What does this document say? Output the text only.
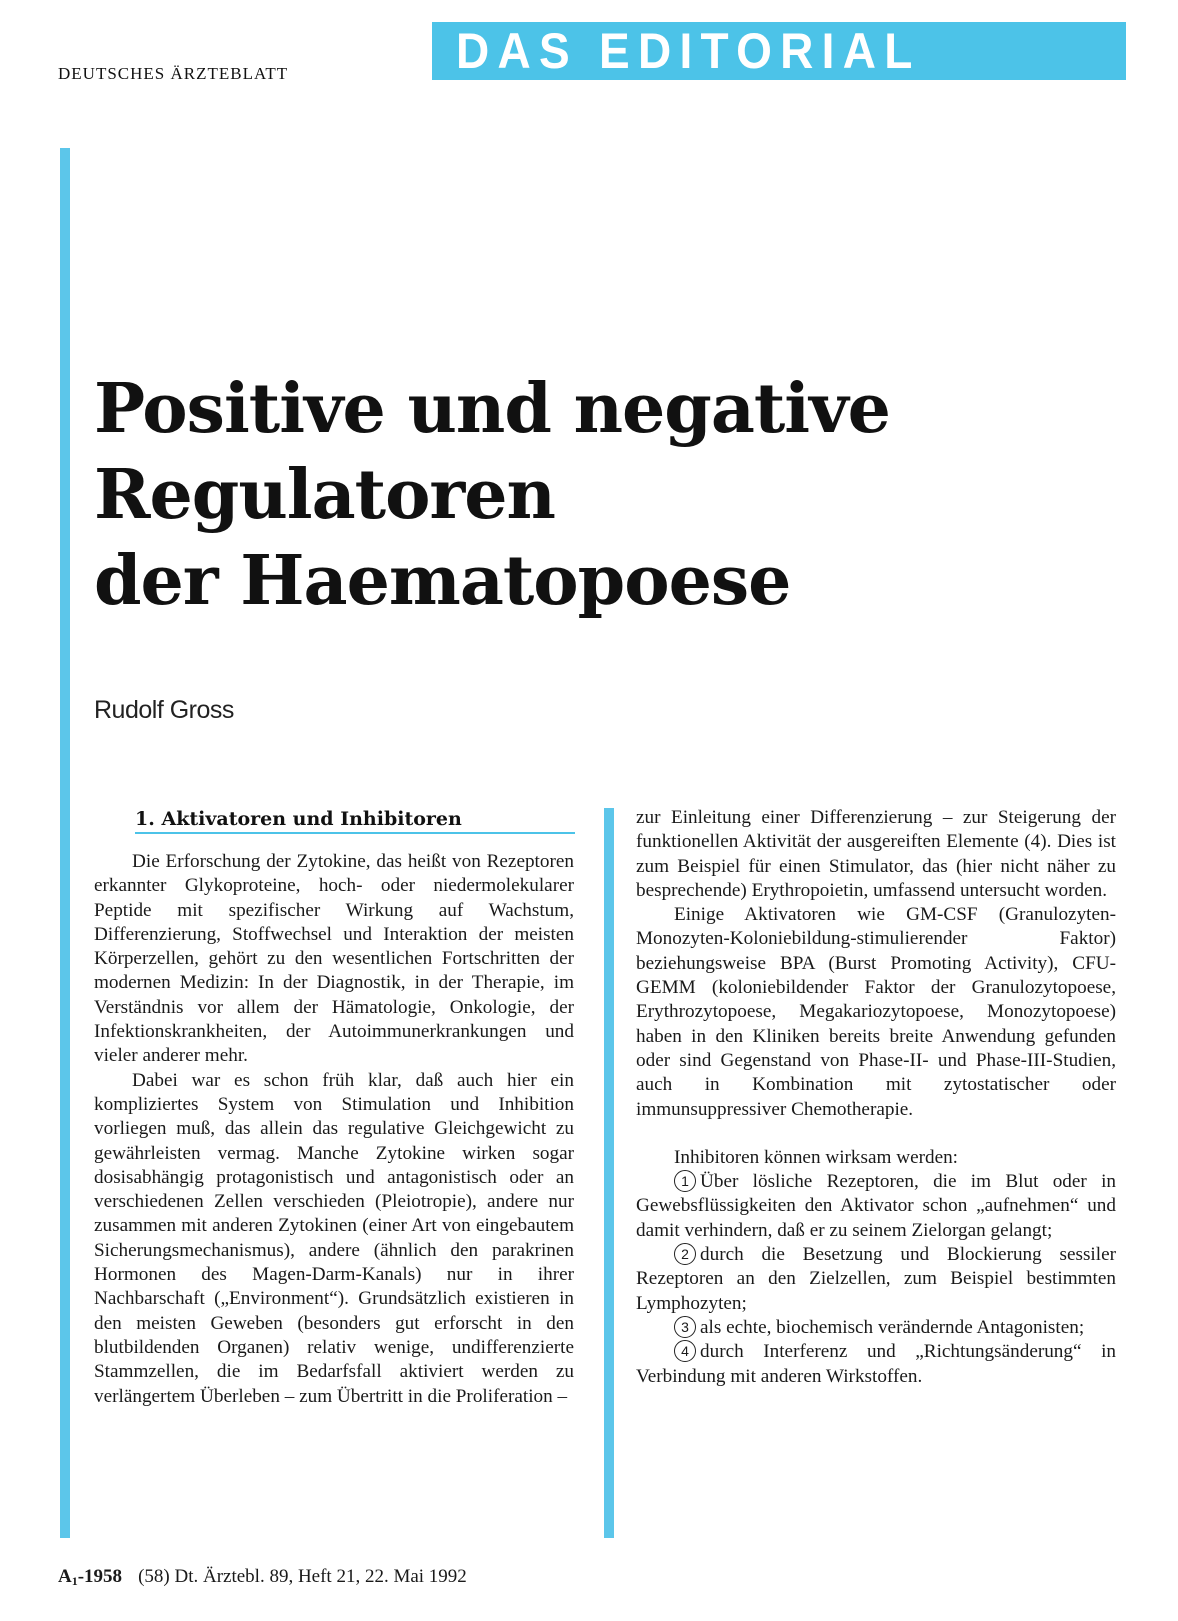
DEUTSCHES ÄRZTEBLATT	DAS EDITORIAL
Positive und negative
Regulatoren
der Haematopoese
Rudolf Gross
1. Aktivatoren und Inhibitoren

Die Erforschung der Zytokine, das heißt von Rezeptoren erkannter Glykoproteine, hoch- oder niedermolekularer Peptide mit spezifischer Wirkung auf Wachstum, Differenzierung, Stoffwechsel und Interaktion der meisten Körperzellen, gehört zu den wesentlichen Fortschritten der modernen Medizin: In der Diagnostik, in der Therapie, im Verständnis vor allem der Hämatologie, Onkologie, der Infektionskrankheiten, der Autoimmunerkrankungen und vieler anderer mehr.

Dabei war es schon früh klar, daß auch hier ein kompliziertes System von Stimulation und Inhibition vorliegen muß, das allein das regulative Gleichgewicht zu gewährleisten vermag. Manche Zytokine wirken sogar dosisabhängig protagonistisch und antagonistisch oder an verschiedenen Zellen verschieden (Pleiotropie), andere nur zusammen mit anderen Zytokinen (einer Art von eingebautem Sicherungsmechanismus), andere (ähnlich den parakrinen Hormonen des Magen-Darm-Kanals) nur in ihrer Nachbarschaft („Environment“). Grundsätzlich existieren in den meisten Geweben (besonders gut erforscht in den blutbildenden Organen) relativ wenige, undifferenzierte Stammzellen, die im Bedarfsfall aktiviert werden zu verlängertem Überleben – zum Übertritt in die Proliferation –

zur Einleitung einer Differenzierung – zur Steigerung der funktionellen Aktivität der ausgereiften Elemente (4). Dies ist zum Beispiel für einen Stimulator, das (hier nicht näher zu besprechende) Erythropoietin, umfassend untersucht worden.

Einige Aktivatoren wie GM-CSF (Granulozyten-Monozyten-Koloniebildung-stimulierender Faktor) beziehungsweise BPA (Burst Promoting Activity), CFU-GEMM (koloniebildender Faktor der Granulozytopoese, Erythrozytopoese, Megakariozytopoese, Monozytopoese) haben in den Kliniken bereits breite Anwendung gefunden oder sind Gegenstand von Phase-II- und Phase-III-Studien, auch in Kombination mit zytostatischer oder immunsuppressiver Chemotherapie.

Inhibitoren können wirksam werden:

1 Über lösliche Rezeptoren, die im Blut oder in Gewebsflüssigkeiten den Aktivator schon „aufnehmen“ und damit verhindern, daß er zu seinem Zielorgan gelangt;

2 durch die Besetzung und Blockierung sessiler Rezeptoren an den Zielzellen, zum Beispiel bestimmten Lymphozyten;

3 als echte, biochemisch verändernde Antagonisten;

4 durch Interferenz und „Richtungsänderung“ in Verbindung mit anderen Wirkstoffen.

$A_1-1958$ (58) Dt. Ärztebl. 89, Heft 21, 22. Mai 1992
